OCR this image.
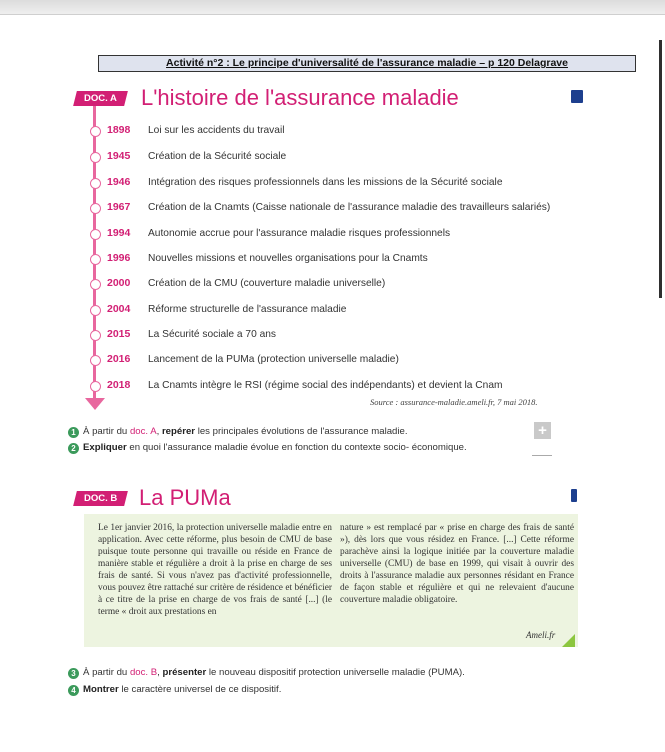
Activité n°2 : Le principe d'universalité de l'assurance maladie – p 120 Delagrave
DOC. A	L'histoire de l'assurance maladie
1898 Loi sur les accidents du travail
1945 Création de la Sécurité sociale
1946 Intégration des risques professionnels dans les missions de la Sécurité sociale
1967 Création de la Cnamts (Caisse nationale de l'assurance maladie des travailleurs salariés)
1994 Autonomie accrue pour l'assurance maladie risques professionnels
1996 Nouvelles missions et nouvelles organisations pour la Cnamts
2000 Création de la CMU (couverture maladie universelle)
2004 Réforme structurelle de l'assurance maladie
2015 La Sécurité sociale a 70 ans
2016 Lancement de la PUMa (protection universelle maladie)
2018 La Cnamts intègre le RSI (régime social des indépendants) et devient la Cnam
Source : assurance-maladie.ameli.fr, 7 mai 2018.
1 À partir du doc. A, repérer les principales évolutions de l'assurance maladie.
2 Expliquer en quoi l'assurance maladie évolue en fonction du contexte socio- économique.
+
DOC. B La PUMa
Le 1er janvier 2016, la protection universelle maladie entre en application. Avec cette réforme, plus besoin de CMU de base puisque toute personne qui travaille ou réside en France de manière stable et régulière a droit à la prise en charge de ses frais de santé. Si vous n'avez pas d'activité professionnelle, vous pouvez être rattaché sur critère de résidence et bénéficier à ce titre de la prise en charge de vos frais de santé [...] (le terme « droit aux prestations en
nature » est remplacé par « prise en charge des frais de santé »), dès lors que vous résidez en France. [...] Cette réforme parachève ainsi la logique initiée par la couverture maladie universelle (CMU) de base en 1999, qui visait à ouvrir des droits à l'assurance maladie aux personnes résidant en France de façon stable et régulière et qui ne relevaient d'aucune couverture maladie obligatoire.
Ameli.fr
3 À partir du doc. B, présenter le nouveau dispositif protection universelle maladie (PUMA).
4 Montrer le caractère universel de ce dispositif.
